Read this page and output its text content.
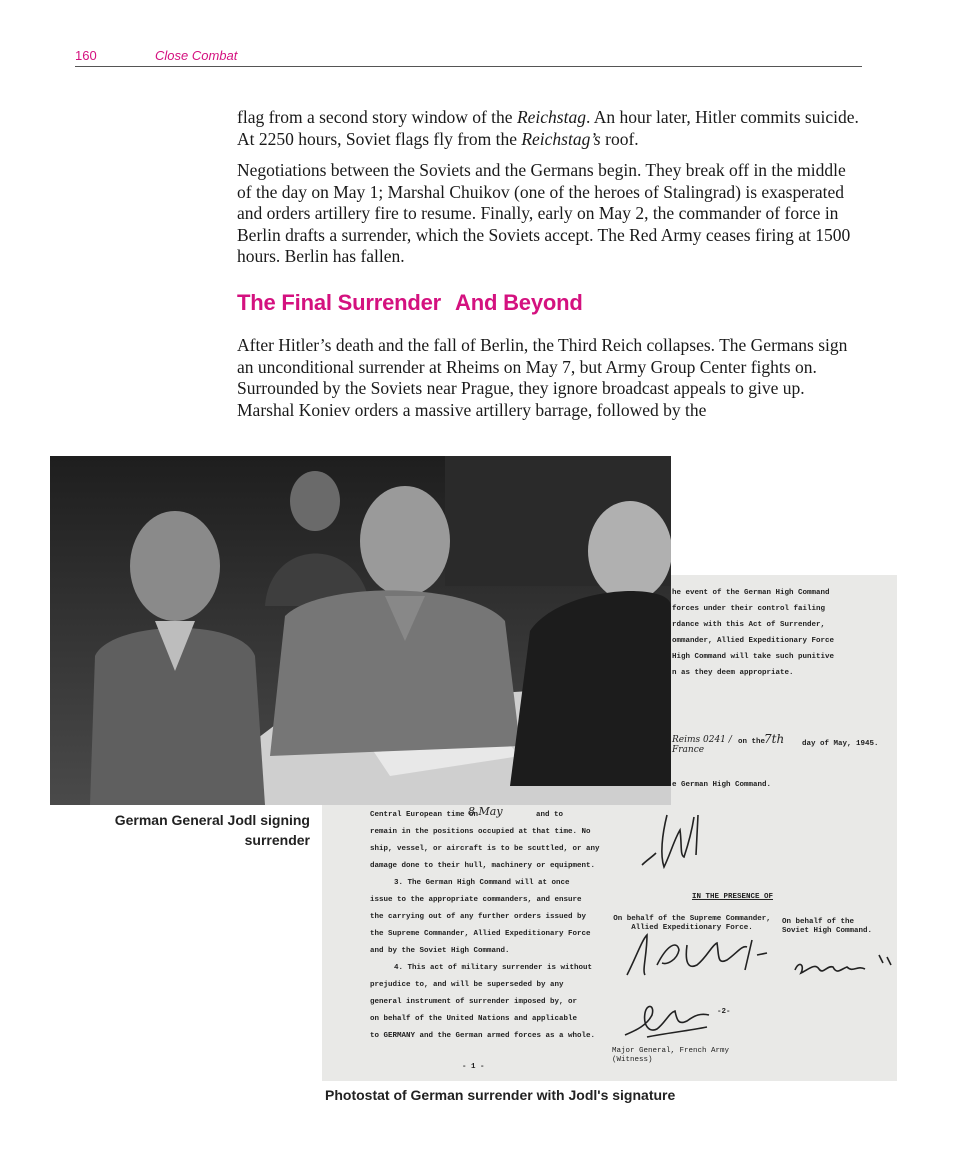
160	Close Combat

flag from a second story window of the Reichstag. An hour later, Hitler commits suicide. At 2250 hours, Soviet flags fly from the Reichstag’s roof.

Negotiations between the Soviets and the Germans begin. They break off in the middle of the day on May 1; Marshal Chuikov (one of the heroes of Stalingrad) is exasperated and orders artillery fire to resume. Finally, early on May 2, the commander of force in Berlin drafts a surrender, which the Soviets accept. The Red Army ceases firing at 1500 hours. Berlin has fallen.

The Final Surrender And Beyond

After Hitler’s death and the fall of Berlin, the Third Reich collapses. The Germans sign an unconditional surrender at Rheims on May 7, but Army Group Center fights on. Surrounded by the Soviets near Prague, they ignore broadcast appeals to give up. Marshal Koniev orders a massive artillery barrage, followed by the

he event of the German High Command
forces under their control failing
rdance with this Act of Surrender,
ommander, Allied Expeditionary Force
High Command will take such punitive
n as they deem appropriate.
Reims 0241 / France
on the
7th day of May, 1945.
e German High Command.
Central European time on
8 May	and to
remain in the positions occupied at that time. No
ship, vessel, or aircraft is to be scuttled, or any
damage done to their hull, machinery or equipment.
3. The German High Command will at once
issue to the appropriate commanders, and ensure
the carrying out of any further orders issued by
the Supreme Commander, Allied Expeditionary Force
and by the Soviet High Command.
4. This act of military surrender is without
prejudice to, and will be superseded by any
general instrument of surrender imposed by, or
on behalf of the United Nations and applicable
to GERMANY and the German armed forces as a whole.
IN THE PRESENCE OF
On behalf of the Supreme Commander, Allied Expeditionary Force.
On behalf of the Soviet High Command.
-2-
Major General, French Army (Witness)
- 1 -

German General Jodl signing surrender

Photostat of German surrender with Jodl's signature
